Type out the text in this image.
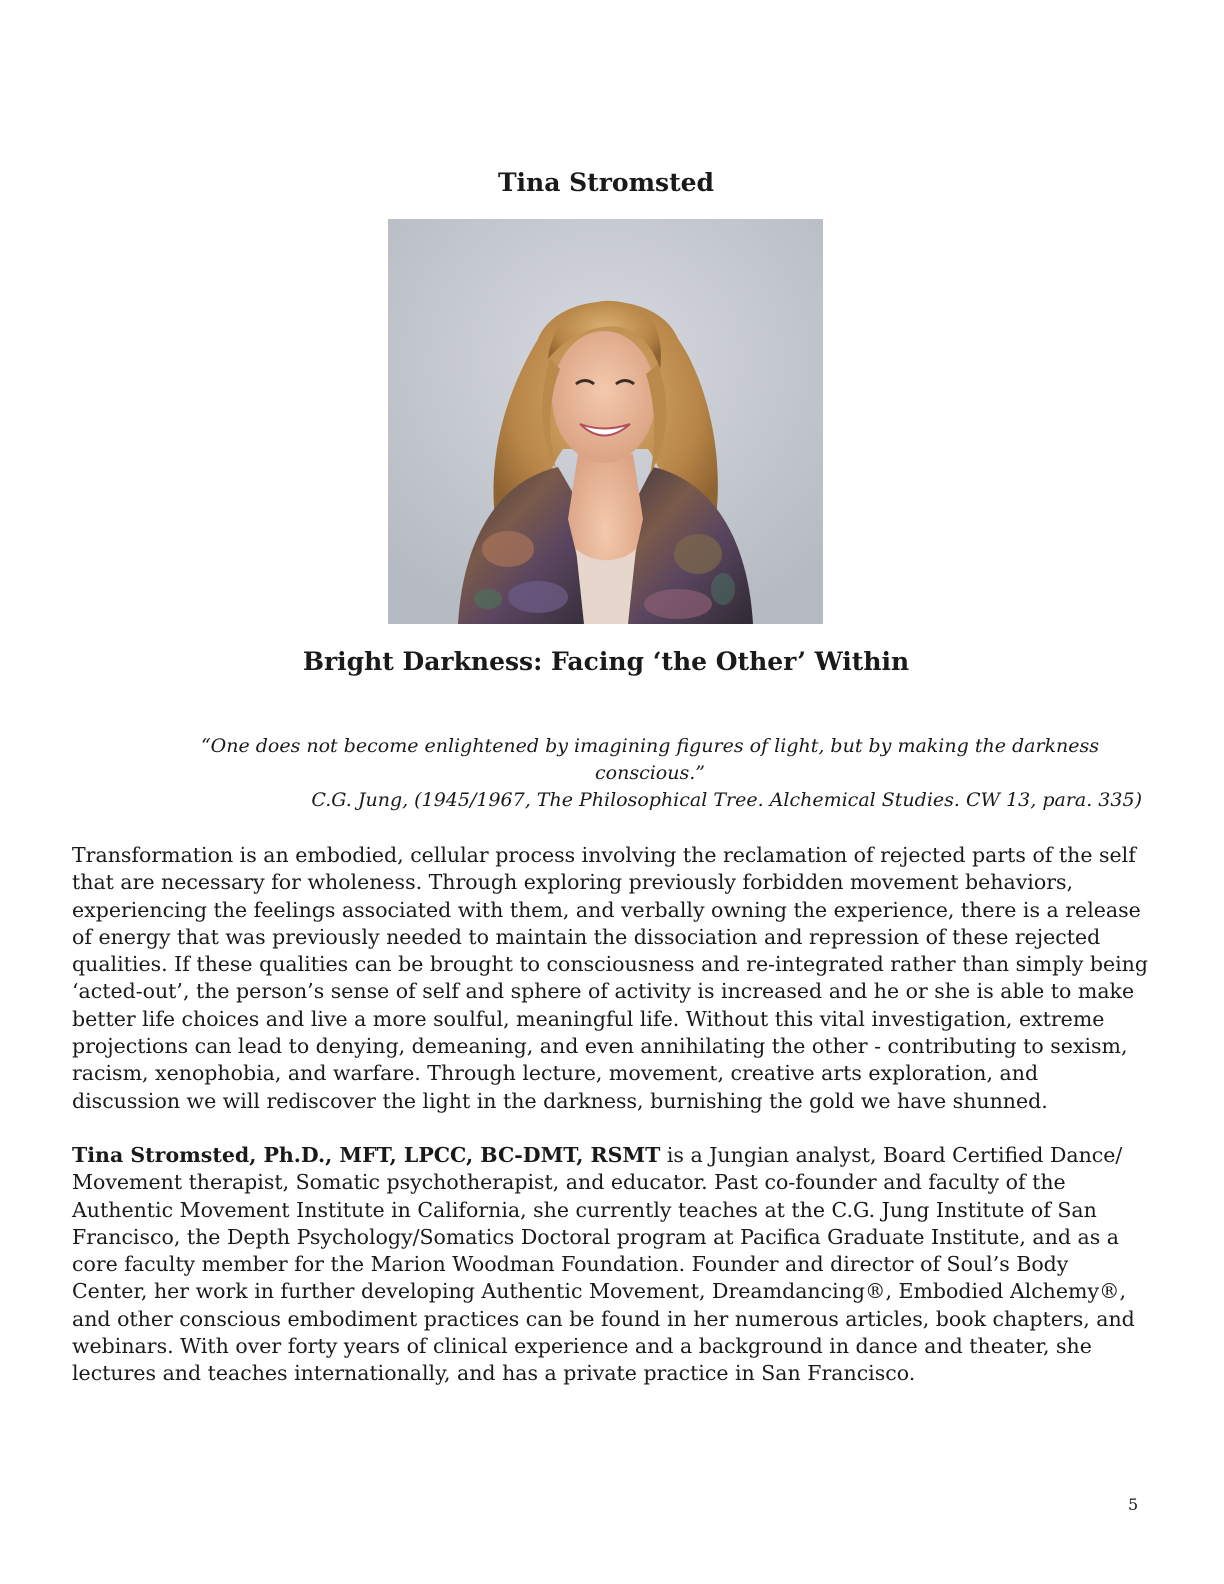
Tina Stromsted
Bright Darkness: Facing ‘the Other’ Within
“One does not become enlightened by imagining figures of light, but by making the darkness conscious.”
C.G. Jung, (1945/1967, The Philosophical Tree. Alchemical Studies. CW 13, para. 335)

Transformation is an embodied, cellular process involving the reclamation of rejected parts of the self that are necessary for wholeness. Through exploring previously forbidden movement behaviors, experiencing the feelings associated with them, and verbally owning the experience, there is a release of energy that was previously needed to maintain the dissociation and repression of these rejected qualities. If these qualities can be brought to consciousness and re-integrated rather than simply being ‘acted-out’, the person’s sense of self and sphere of activity is increased and he or she is able to make better life choices and live a more soulful, meaningful life. Without this vital investigation, extreme projections can lead to denying, demeaning, and even annihilating the other - contributing to sexism, racism, xenophobia, and warfare. Through lecture, movement, creative arts exploration, and discussion we will rediscover the light in the darkness, burnishing the gold we have shunned.

Tina Stromsted, Ph.D., MFT, LPCC, BC-DMT, RSMT is a Jungian analyst, Board Certified Dance/ Movement therapist, Somatic psychotherapist, and educator. Past co-founder and faculty of the Authentic Movement Institute in California, she currently teaches at the C.G. Jung Institute of San Francisco, the Depth Psychology/Somatics Doctoral program at Pacifica Graduate Institute, and as a core faculty member for the Marion Woodman Foundation. Founder and director of Soul’s Body Center, her work in further developing Authentic Movement, Dreamdancing®, Embodied Alchemy®, and other conscious embodiment practices can be found in her numerous articles, book chapters, and webinars. With over forty years of clinical experience and a background in dance and theater, she lectures and teaches internationally, and has a private practice in San Francisco.

5
